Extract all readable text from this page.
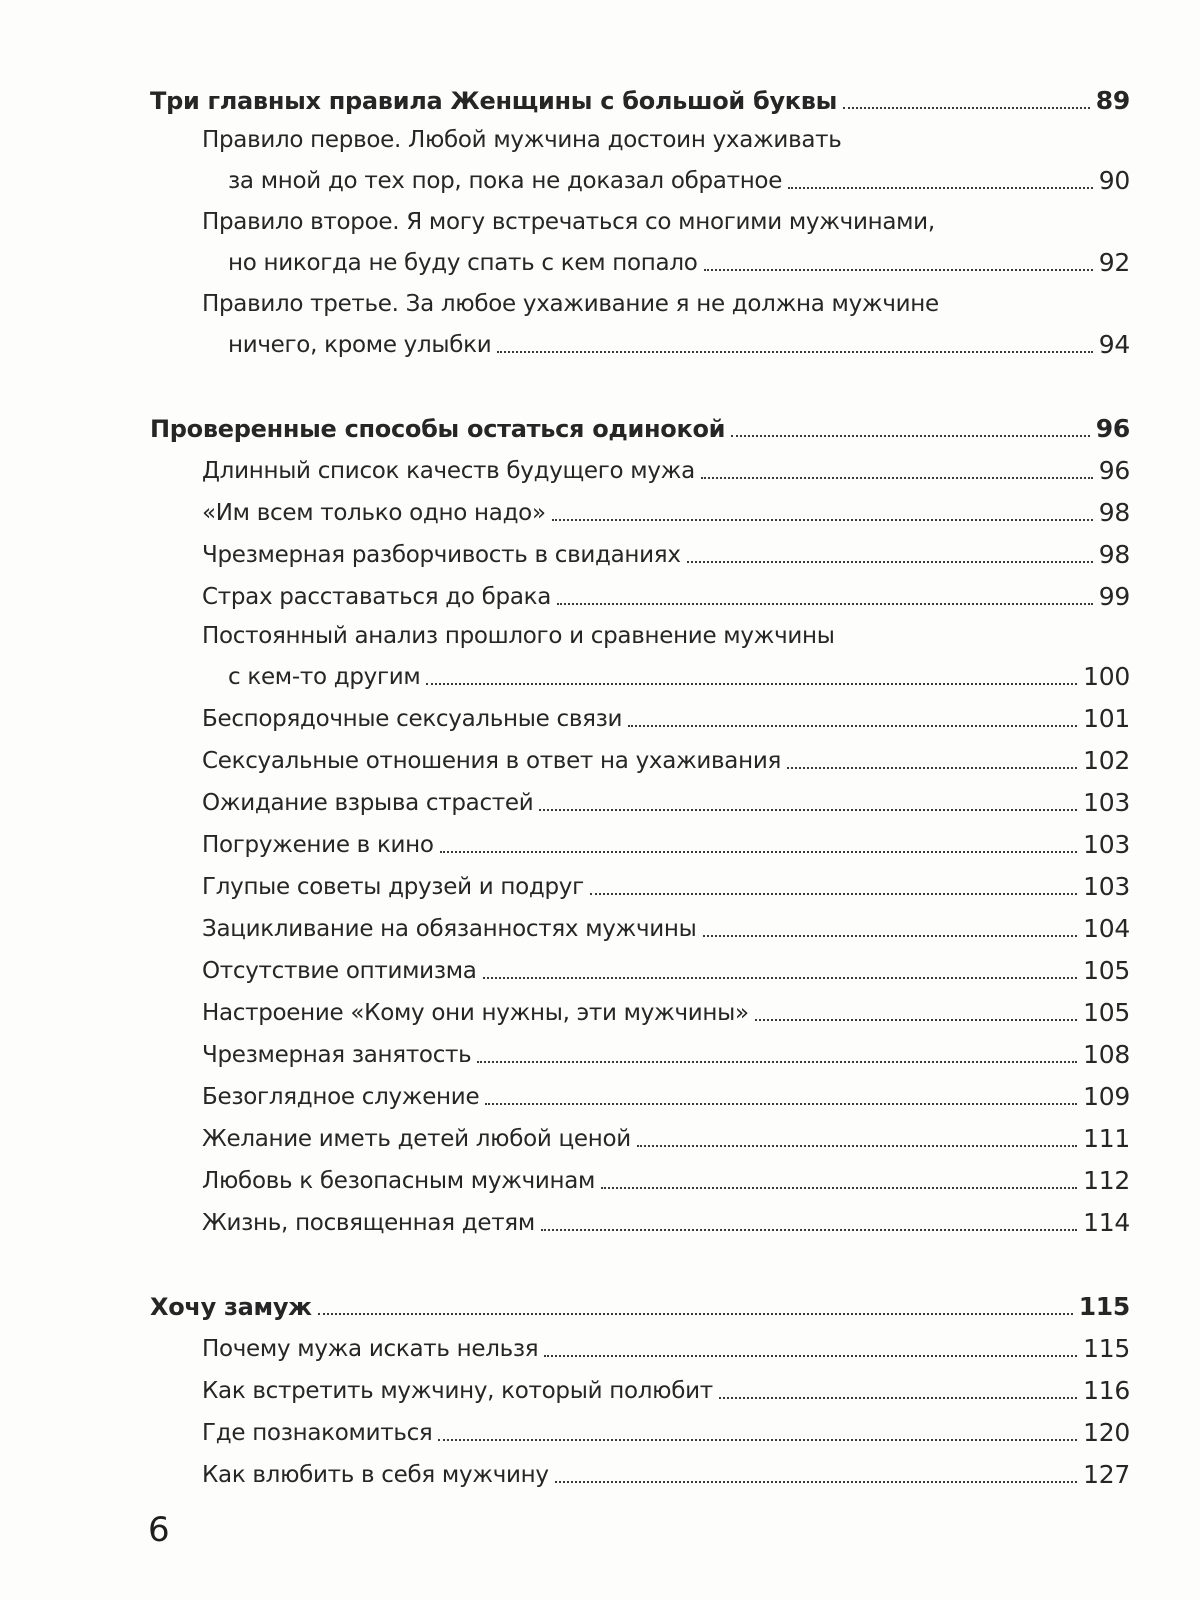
Три главных правила Женщины с большой буквы	89
Правило первое. Любой мужчина достоин ухаживать
за мной до тех пор, пока не доказал обратное	90
Правило второе. Я могу встречаться со многими мужчинами,
но никогда не буду спать с кем попало	92
Правило третье. За любое ухаживание я не должна мужчине
ничего, кроме улыбки	94
Проверенные способы остаться одинокой	96
Длинный список качеств будущего мужа	96
«Им всем только одно надо»	98
Чрезмерная разборчивость в свиданиях	98
Страх расставаться до брака	99
Постоянный анализ прошлого и сравнение мужчины
с кем-то другим	100
Беспорядочные сексуальные связи	101
Сексуальные отношения в ответ на ухаживания	102
Ожидание взрыва страстей	103
Погружение в кино	103
Глупые советы друзей и подруг	103
Зацикливание на обязанностях мужчины	104
Отсутствие оптимизма	105
Настроение «Кому они нужны, эти мужчины»	105
Чрезмерная занятость	108
Безоглядное служение	109
Желание иметь детей любой ценой	111
Любовь к безопасным мужчинам	112
Жизнь, посвященная детям	114
Хочу замуж	115
Почему мужа искать нельзя	115
Как встретить мужчину, который полюбит	116
Где познакомиться	120
Как влюбить в себя мужчину	127
6
